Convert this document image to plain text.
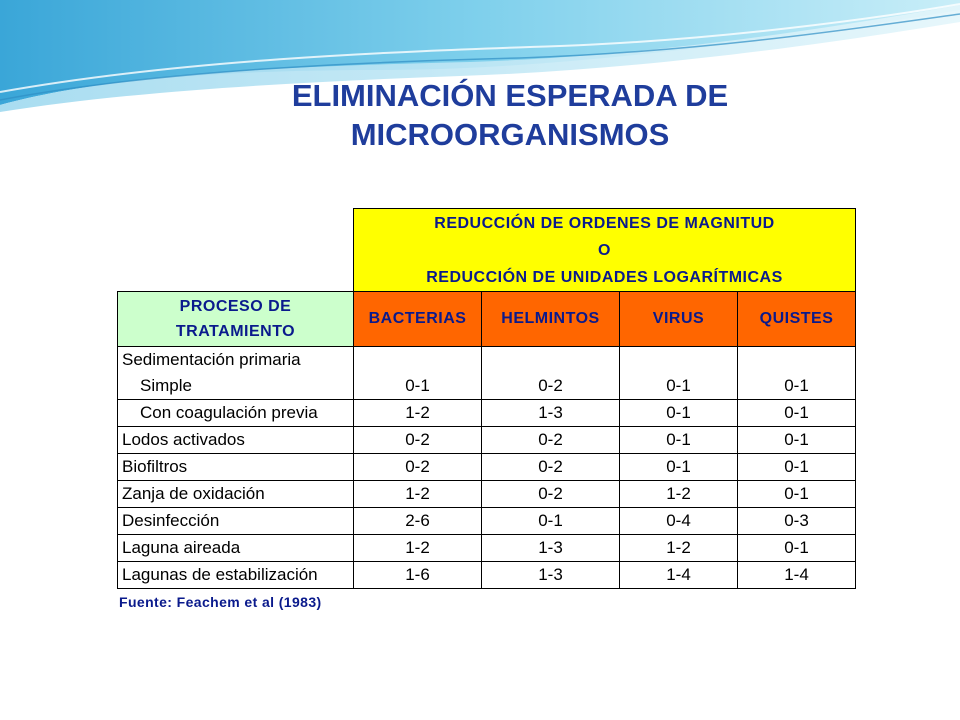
ELIMINACIÓN ESPERADA DE
MICROORGANISMOS

	REDUCCIÓN DE ORDENES DE MAGNITUD
O
REDUCCIÓN DE UNIDADES LOGARÍTMICAS			

PROCESO DE
TRATAMIENTO	BACTERIAS	HELMINTOS	VIRUS	QUISTES
Sedimentación primaria				
Simple	0-1	0-2	0-1	0-1
Con coagulación previa	1-2	1-3	0-1	0-1
Lodos activados	0-2	0-2	0-1	0-1
Biofiltros	0-2	0-2	0-1	0-1
Zanja de oxidación	1-2	0-2	1-2	0-1
Desinfección	2-6	0-1	0-4	0-3
Laguna aireada	1-2	1-3	1-2	0-1
Lagunas de estabilización	1-6	1-3	1-4	1-4
Fuente: Feachem et al (1983)
